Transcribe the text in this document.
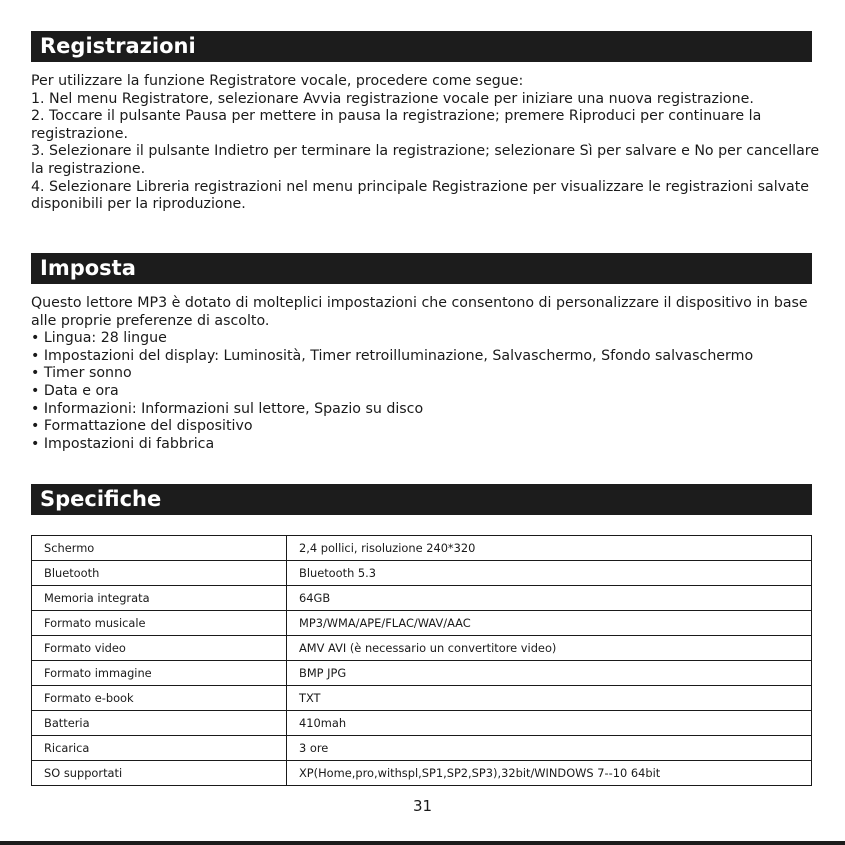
Registrazioni
Per utilizzare la funzione Registratore vocale, procedere come segue:
1. Nel menu Registratore, selezionare Avvia registrazione vocale per iniziare una nuova registrazione.
2. Toccare il pulsante Pausa per mettere in pausa la registrazione; premere Riproduci per continuare la
registrazione.
3. Selezionare il pulsante Indietro per terminare la registrazione; selezionare Sì per salvare e No per cancellare
la registrazione.
4. Selezionare Libreria registrazioni nel menu principale Registrazione per visualizzare le registrazioni salvate
disponibili per la riproduzione.
Imposta
Questo lettore MP3 è dotato di molteplici impostazioni che consentono di personalizzare il dispositivo in base
alle proprie preferenze di ascolto.
• Lingua: 28 lingue
• Impostazioni del display: Luminosità, Timer retroilluminazione, Salvaschermo, Sfondo salvaschermo
• Timer sonno
• Data e ora
• Informazioni: Informazioni sul lettore, Spazio su disco
• Formattazione del dispositivo
• Impostazioni di fabbrica
Specifiche
Schermo	2,4 pollici, risoluzione 240*320
Bluetooth	Bluetooth 5.3
Memoria integrata	64GB
Formato musicale	MP3/WMA/APE/FLAC/WAV/AAC
Formato video	AMV AVI (è necessario un convertitore video)
Formato immagine	BMP JPG
Formato e-book	TXT
Batteria	410mah
Ricarica	3 ore
SO supportati	XP(Home,pro,withspl,SP1,SP2,SP3),32bit/WINDOWS 7--10 64bit
31
